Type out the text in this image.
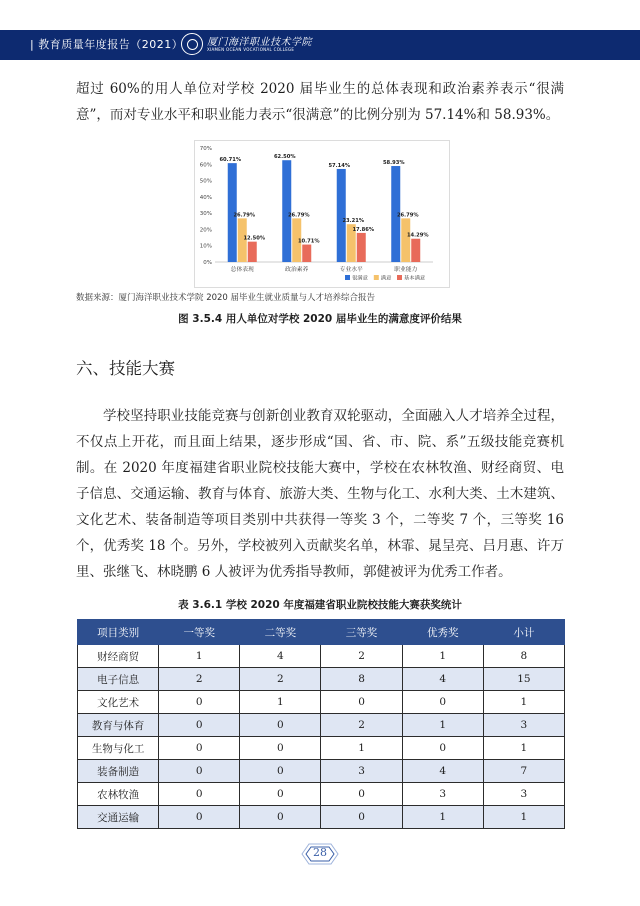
| 教育质量年度报告（2021） 厦门海洋职业技术学院
XIAMEN OCEAN VOCATIONAL COLLEGE

超过 60%的用人单位对学校 2020 届毕业生的总体表现和政治素养表示“很满意”，而对专业水平和职业能力表示“很满意”的比例分别为 57.14%和 58.93%。

0%
10%
20%
30%
40%
50%
60%
70%
60.71%
26.79%
12.50%
总体表现
62.50%
26.79%
10.71%
政治素养
57.14%
23.21%
17.86%
专业水平
58.93%
26.79%
14.29%
职业能力
很满意 满意 基本满意
数据来源：厦门海洋职业技术学院 2020 届毕业生就业质量与人才培养综合报告
图 3.5.4 用人单位对学校 2020 届毕业生的满意度评价结果
六、技能大赛

学校坚持职业技能竞赛与创新创业教育双轮驱动，全面融入人才培养全过程，不仅点上开花，而且面上结果，逐步形成“国、省、市、院、系”五级技能竞赛机制。在 2020 年度福建省职业院校技能大赛中，学校在农林牧渔、财经商贸、电子信息、交通运输、教育与体育、旅游大类、生物与化工、水利大类、土木建筑、文化艺术、装备制造等项目类别中共获得一等奖 3 个，二等奖 7 个，三等奖 16 个，优秀奖 18 个。另外，学校被列入贡献奖名单，林霏、晁呈亮、吕月惠、许万里、张继飞、林晓鹏 6 人被评为优秀指导教师，郭健被评为优秀工作者。

表 3.6.1 学校 2020 年度福建省职业院校技能大赛获奖统计
项目类别	一等奖	二等奖	三等奖	优秀奖	小计
财经商贸	1	4	2	1	8
电子信息	2	2	8	4	15
文化艺术	0	1	0	0	1
教育与体育	0	0	2	1	3
生物与化工	0	0	1	0	1
装备制造	0	0	3	4	7
农林牧渔	0	0	0	3	3
交通运输	0	0	0	1	1
28
